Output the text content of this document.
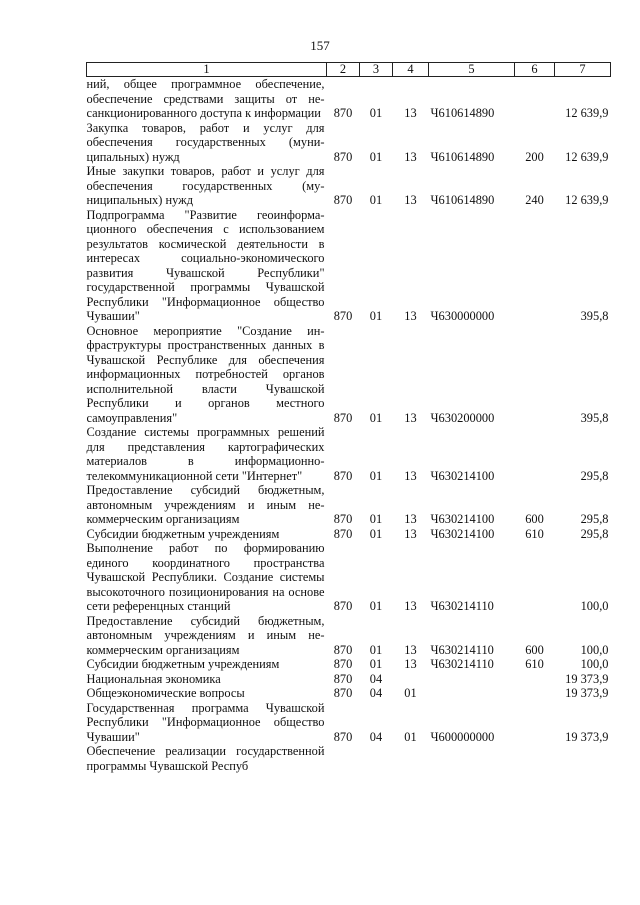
157
1	2	3	4	5	6	7
ний, общее программное обеспечение, обеспечение средствами защиты от несанкционированного доступа к информации	870	01	13	Ч610614890		12 639,9
Закупка товаров, работ и услуг для обеспечения государственных (муниципальных) нужд	870	01	13	Ч610614890	200	12 639,9
Иные закупки товаров, работ и услуг для обеспечения государственных (муниципальных) нужд	870	01	13	Ч610614890	240	12 639,9
Подпрограмма "Развитие геоинформационного обеспечения с использованием результатов космической деятельности в интересах социально-экономического развития Чувашской Республики" государственной программы Чувашской Республики "Информационное общество Чувашии"	870	01	13	Ч630000000		395,8
Основное мероприятие "Создание инфраструктуры пространственных данных в Чувашской Республике для обеспечения информационных потребностей органов исполнительной власти Чувашской Республики и органов местного самоуправления"	870	01	13	Ч630200000		395,8
Создание системы программных решений для представления картографических материалов в информационно-телекоммуникационной сети "Интернет"	870	01	13	Ч630214100		295,8
Предоставление субсидий бюджетным, автономным учреждениям и иным некоммерческим организациям	870	01	13	Ч630214100	600	295,8
Субсидии бюджетным учреждениям	870	01	13	Ч630214100	610	295,8
Выполнение работ по формированию единого координатного пространства Чувашской Республики. Создание системы высокоточного позиционирования на основе сети референцных станций	870	01	13	Ч630214110		100,0
Предоставление субсидий бюджетным, автономным учреждениям и иным некоммерческим организациям	870	01	13	Ч630214110	600	100,0
Субсидии бюджетным учреждениям	870	01	13	Ч630214110	610	100,0
Национальная экономика	870	04				19 373,9
Общеэкономические вопросы	870	04	01			19 373,9
Государственная программа Чувашской Республики "Информационное общество Чувашии"	870	04	01	Ч600000000		19 373,9
Обеспечение реализации государственной программы Чувашской Респуб						
